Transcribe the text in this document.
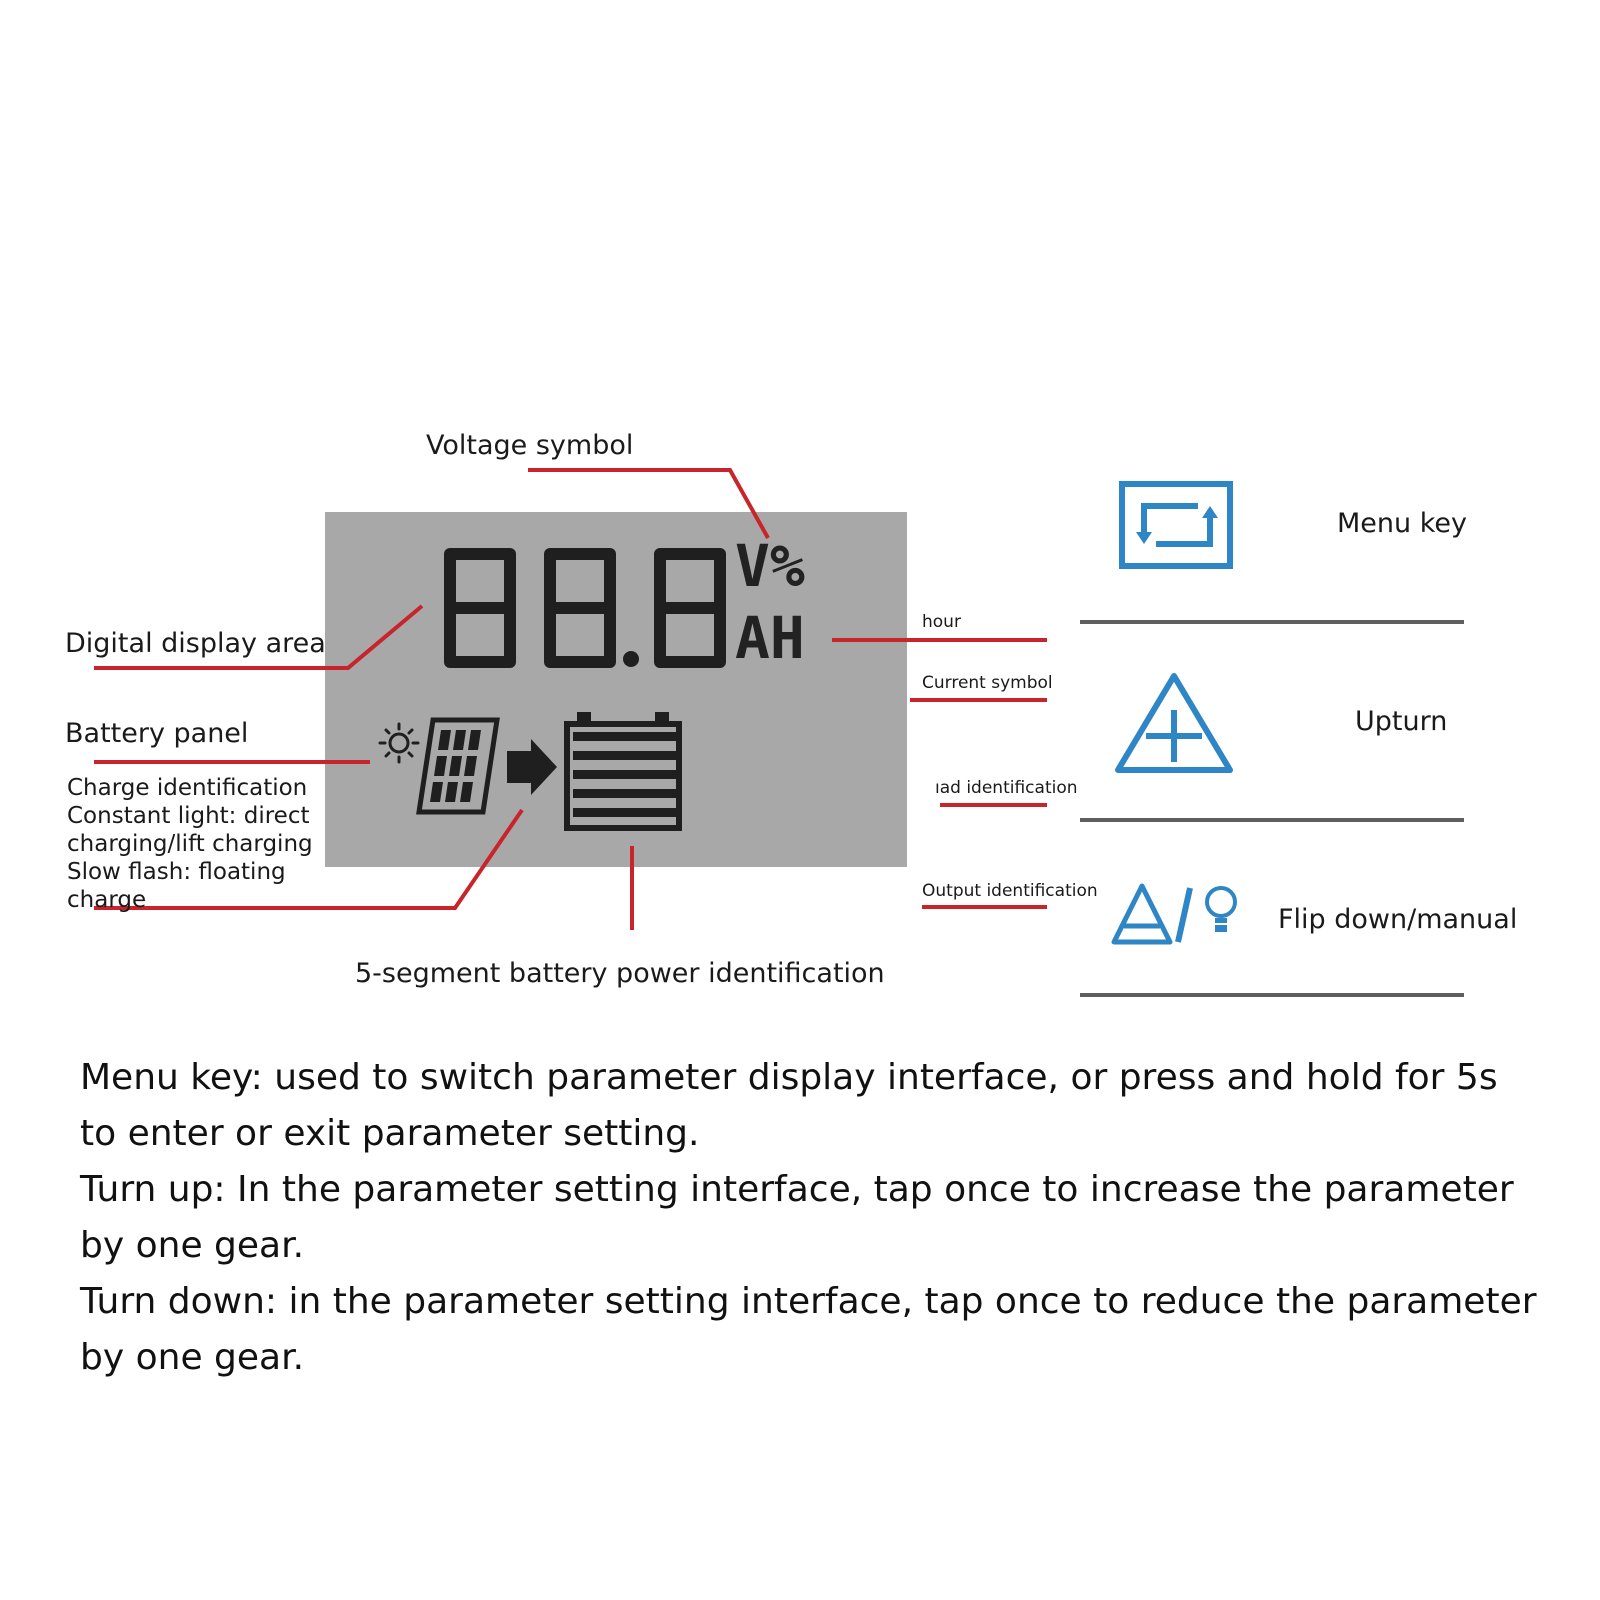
V%
AH
Voltage symbol
Digital display area
Battery panel
Charge identification
Constant light: direct
charging/lift charging
Slow flash: floating
charge
5-segment battery power identification
hour
Current symbol
ıad identification
Output identification
Menu key
Upturn
Flip down/manual

Menu key: used to switch parameter display interface, or press and hold for 5s to enter or exit parameter setting.

Turn up: In the parameter setting interface, tap once to increase the parameter by one gear.

Turn down: in the parameter setting interface, tap once to reduce the parameter by one gear.
